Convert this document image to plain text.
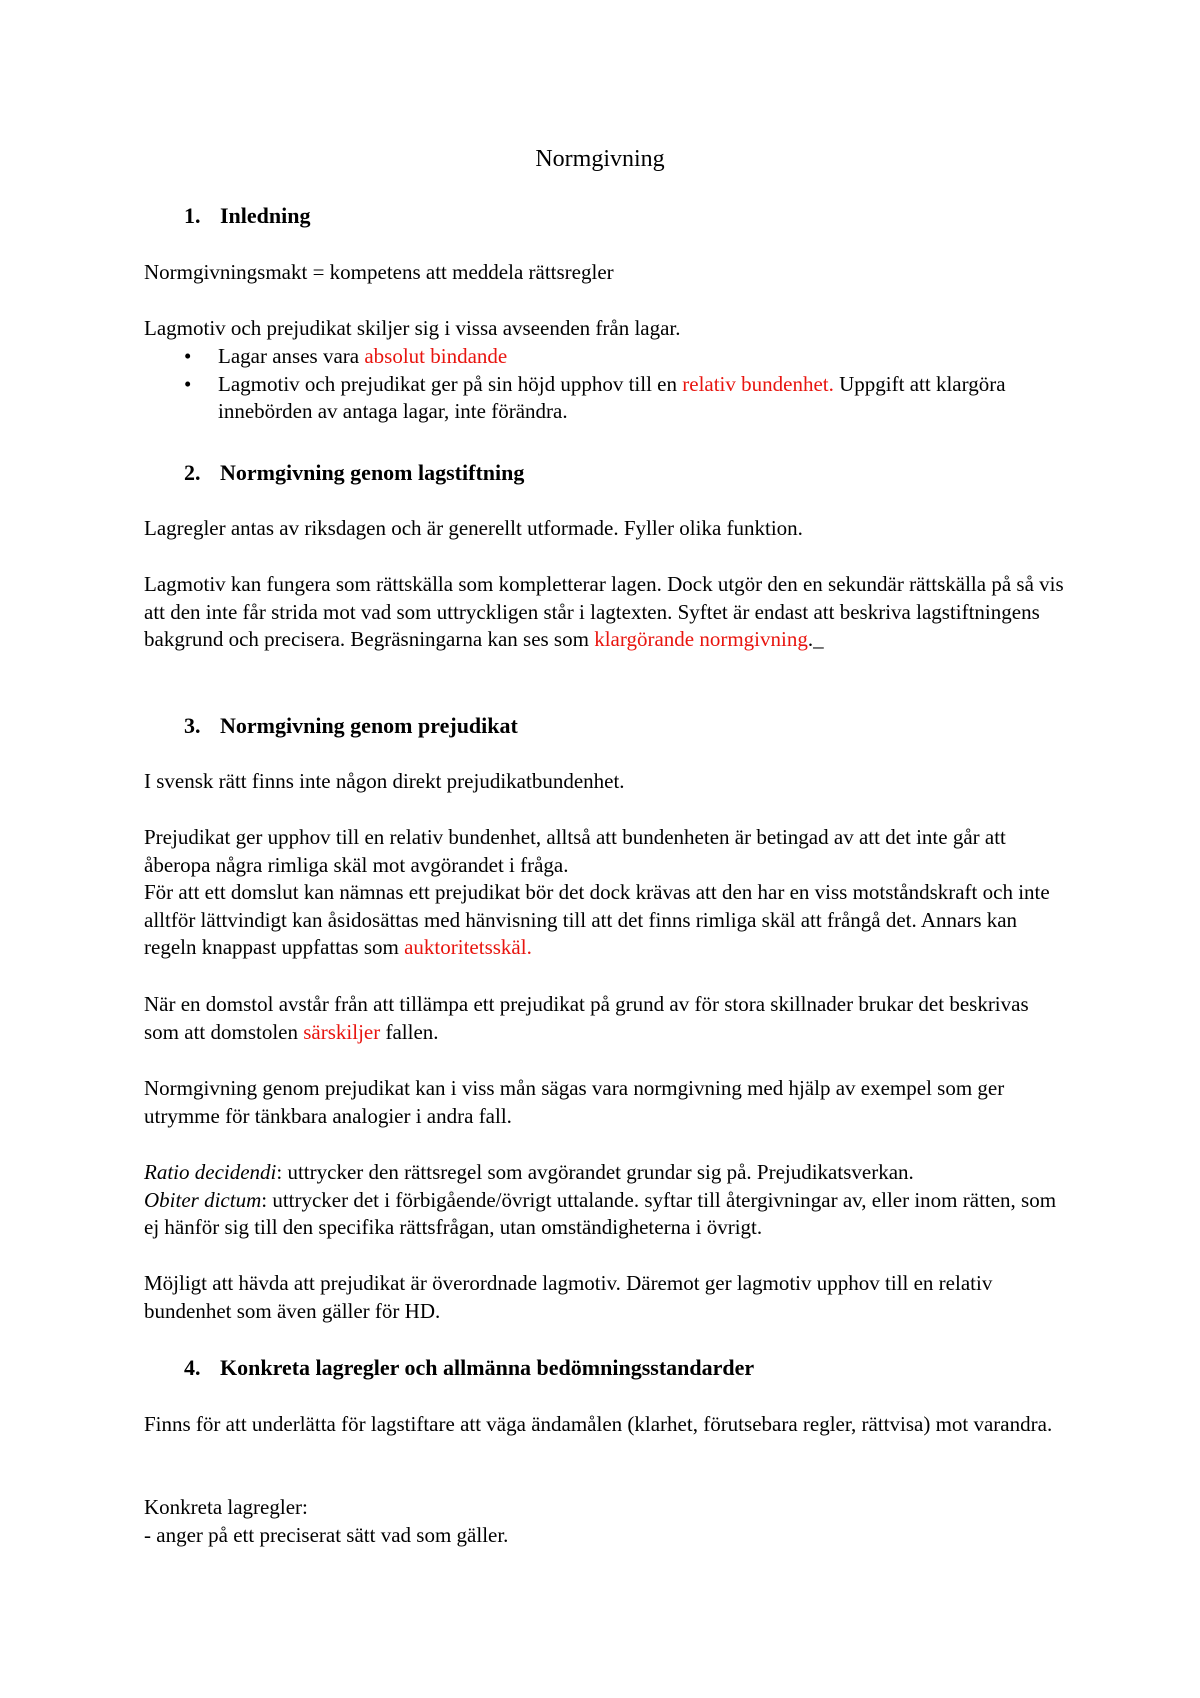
Normgivning
1. Inledning
Normgivningsmakt = kompetens att meddela rättsregler
Lagmotiv och prejudikat skiljer sig i vissa avseenden från lagar.
• Lagar anses vara absolut bindande
• Lagmotiv och prejudikat ger på sin höjd upphov till en relativ bundenhet. Uppgift att klargöra innebörden av antaga lagar, inte förändra.
2. Normgivning genom lagstiftning
Lagregler antas av riksdagen och är generellt utformade. Fyller olika funktion.
Lagmotiv kan fungera som rättskälla som kompletterar lagen. Dock utgör den en sekundär rättskälla på så vis att den inte får strida mot vad som uttryckligen står i lagtexten. Syftet är endast att beskriva lagstiftningens bakgrund och precisera. Begräsningarna kan ses som klargörande normgivning._
3. Normgivning genom prejudikat
I svensk rätt finns inte någon direkt prejudikatbundenhet.
Prejudikat ger upphov till en relativ bundenhet, alltså att bundenheten är betingad av att det inte går att åberopa några rimliga skäl mot avgörandet i fråga.
För att ett domslut kan nämnas ett prejudikat bör det dock krävas att den har en viss motståndskraft och inte alltför lättvindigt kan åsidosättas med hänvisning till att det finns rimliga skäl att frångå det. Annars kan regeln knappast uppfattas som auktoritetsskäl.
När en domstol avstår från att tillämpa ett prejudikat på grund av för stora skillnader brukar det beskrivas som att domstolen särskiljer fallen.
Normgivning genom prejudikat kan i viss mån sägas vara normgivning med hjälp av exempel som ger utrymme för tänkbara analogier i andra fall.
Ratio decidendi: uttrycker den rättsregel som avgörandet grundar sig på. Prejudikatsverkan.
Obiter dictum: uttrycker det i förbigående/övrigt uttalande. syftar till återgivningar av, eller inom rätten, som ej hänför sig till den specifika rättsfrågan, utan omständigheterna i övrigt.
Möjligt att hävda att prejudikat är överordnade lagmotiv. Däremot ger lagmotiv upphov till en relativ bundenhet som även gäller för HD.
4. Konkreta lagregler och allmänna bedömningsstandarder
Finns för att underlätta för lagstiftare att väga ändamålen (klarhet, förutsebara regler, rättvisa) mot varandra.
Konkreta lagregler:
- anger på ett preciserat sätt vad som gäller.
